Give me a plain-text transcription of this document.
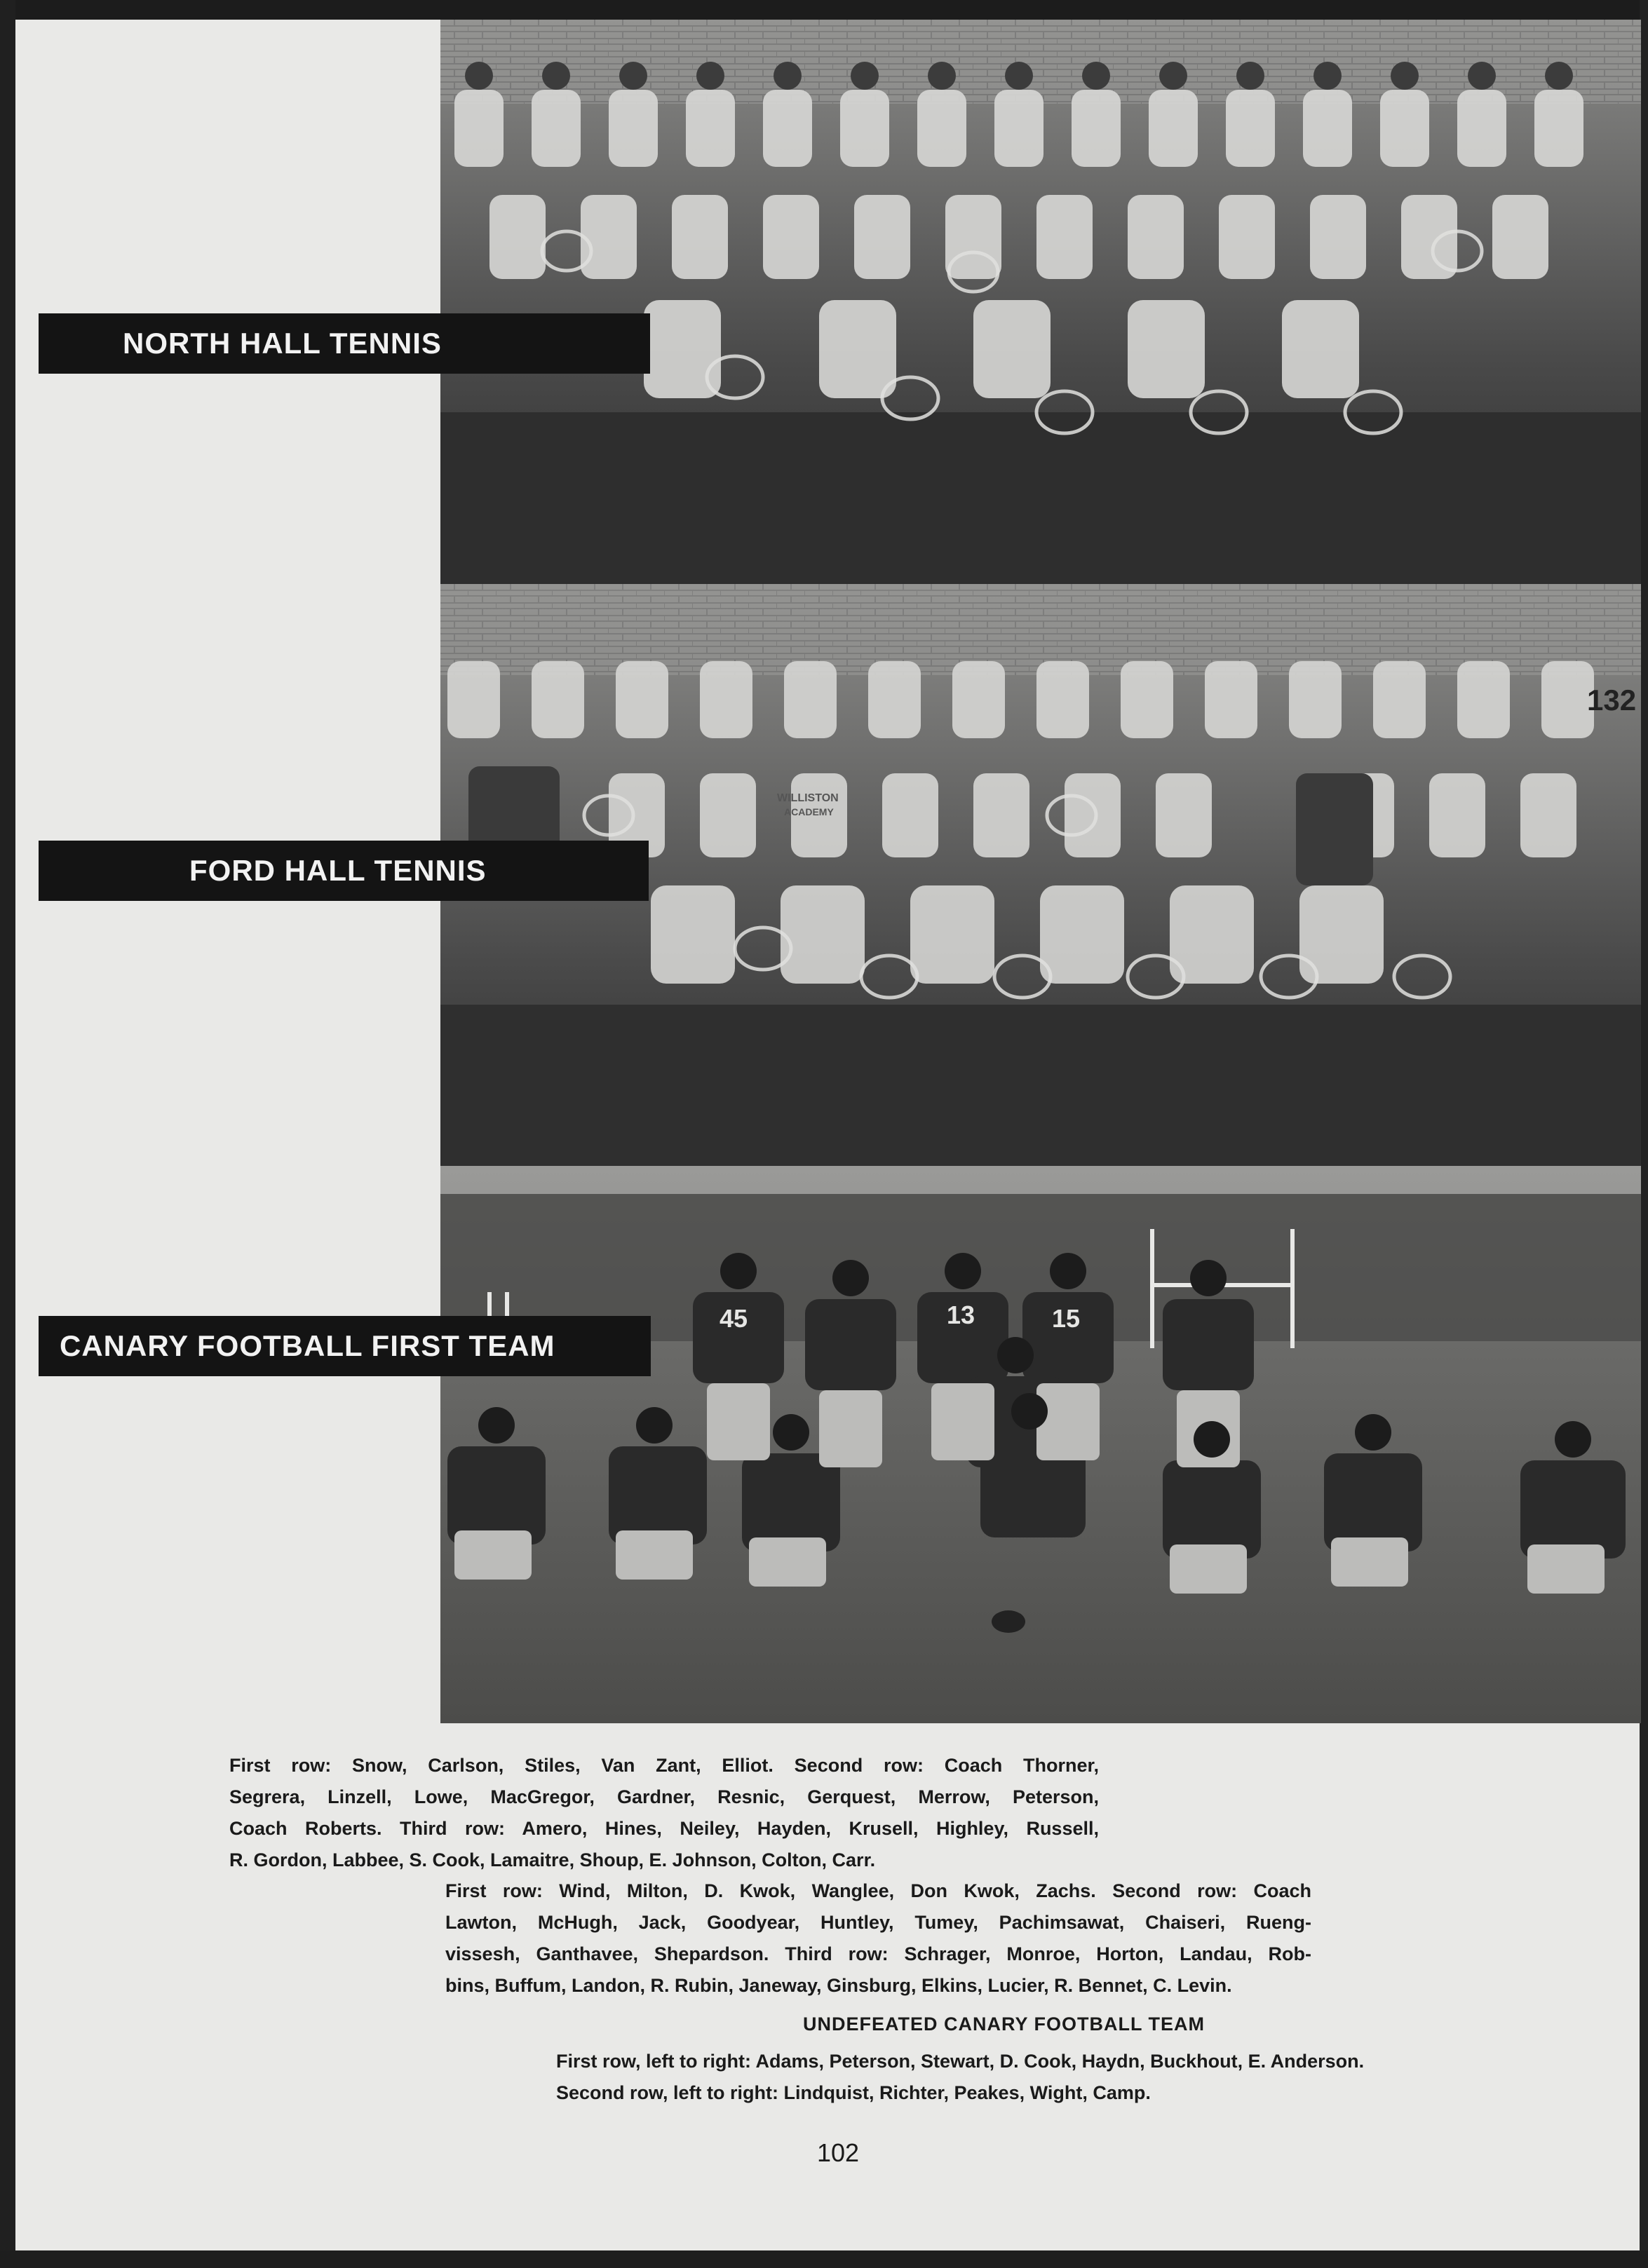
132
WILLISTON
ACADEMY
45	13	15
NORTH HALL TENNIS
FORD HALL TENNIS
CANARY FOOTBALL FIRST TEAM
First row: Snow, Carlson, Stiles, Van Zant, Elliot. Second row: Coach Thorner,
Segrera, Linzell, Lowe, MacGregor, Gardner, Resnic, Gerquest, Merrow, Peterson,
Coach Roberts. Third row: Amero, Hines, Neiley, Hayden, Krusell, Highley, Russell,
R. Gordon, Labbee, S. Cook, Lamaitre, Shoup, E. Johnson, Colton, Carr.
First row: Wind, Milton, D. Kwok, Wanglee, Don Kwok, Zachs. Second row: Coach
Lawton, McHugh, Jack, Goodyear, Huntley, Tumey, Pachimsawat, Chaiseri, Rueng-
vissesh, Ganthavee, Shepardson. Third row: Schrager, Monroe, Horton, Landau, Rob-
bins, Buffum, Landon, R. Rubin, Janeway, Ginsburg, Elkins, Lucier, R. Bennet, C. Levin.
UNDEFEATED CANARY FOOTBALL TEAM
First row, left to right: Adams, Peterson, Stewart, D. Cook, Haydn, Buckhout, E. Anderson.
Second row, left to right: Lindquist, Richter, Peakes, Wight, Camp.
102
